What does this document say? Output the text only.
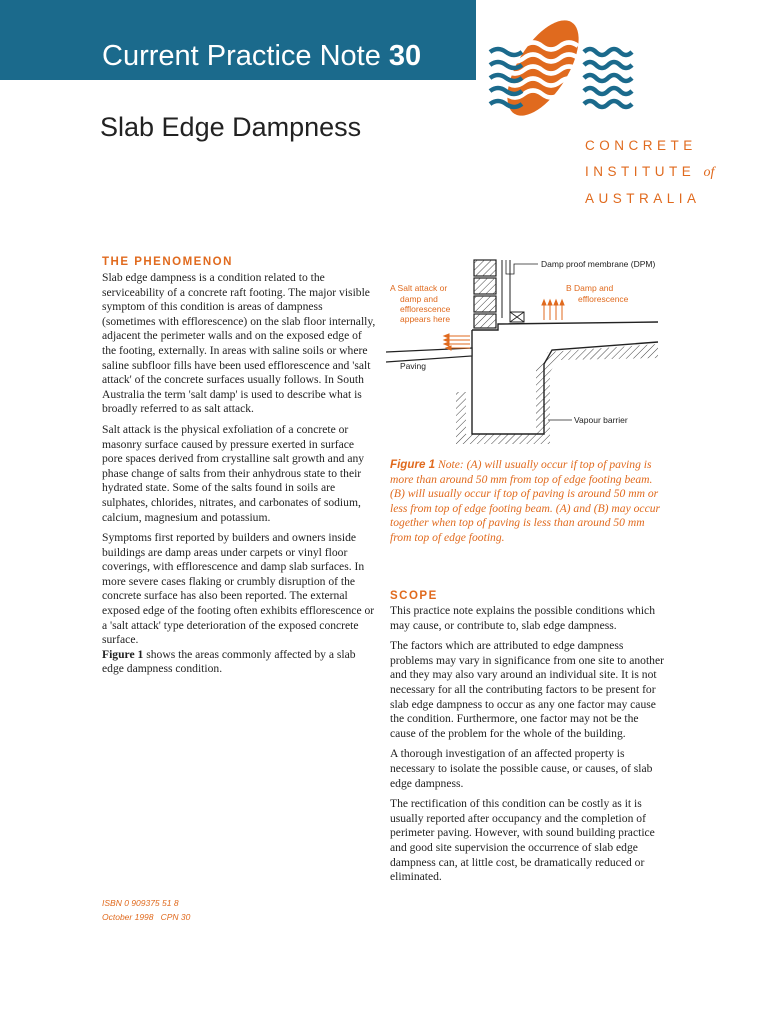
Current Practice Note 30
Slab Edge Dampness
CONCRETE
INSTITUTE of
AUSTRALIA
THE PHENOMENON

Slab edge dampness is a condition related to the serviceability of a concrete raft footing. The major visible symptom of this condition is areas of dampness (sometimes with efflorescence) on the slab floor internally, adjacent the perimeter walls and on the exposed edge of the footing, externally. In areas with saline soils or where saline subfloor fills have been used efflorescence and 'salt attack' of the concrete surfaces usually follows. In South Australia the term 'salt damp' is used to describe what is broadly referred to as salt attack.

Salt attack is the physical exfoliation of a concrete or masonry surface caused by pressure exerted in surface pore spaces derived from crystalline salt growth and any phase change of salts from their anhydrous state to their hydrated state. Some of the salts found in soils are sulphates, chlorides, nitrates, and carbonates of sodium, calcium, magnesium and potassium.

Symptoms first reported by builders and owners inside buildings are damp areas under carpets or vinyl floor coverings, with efflorescence and damp slab surfaces. In more severe cases flaking or crumbly disruption of the concrete surface has also been reported. The external exposed edge of the footing often exhibits efflorescence or a 'salt attack' type deterioration of the exposed concrete surface.

Figure 1 shows the areas commonly affected by a slab edge dampness condition.

Damp proof membrane (DPM)
A Salt attack or
damp and
efflorescence
appears here
B Damp and
efflorescence
Paving
Vapour barrier
Figure 1 Note: (A) will usually occur if top of paving is more than around 50 mm from top of edge footing beam. (B) will usually occur if top of paving is around 50 mm or less from top of edge footing beam. (A) and (B) may occur together when top of paving is less than around 50 mm from top of edge footing.
SCOPE

This practice note explains the possible conditions which may cause, or contribute to, slab edge dampness.

The factors which are attributed to edge dampness problems may vary in significance from one site to another and they may also vary around an individual site. It is not necessary for all the contributing factors to be present for slab edge dampness to occur as any one factor may cause the condition. Furthermore, one factor may not be the cause of the problem for the whole of the building.

A thorough investigation of an affected property is necessary to isolate the possible cause, or causes, of slab edge dampness.

The rectification of this condition can be costly as it is usually reported after occupancy and the completion of perimeter paving. However, with sound building practice and good site supervision the occurrence of slab edge dampness can, at little cost, be dramatically reduced or eliminated.

ISBN 0 909375 51 8
October 1998   CPN 30
